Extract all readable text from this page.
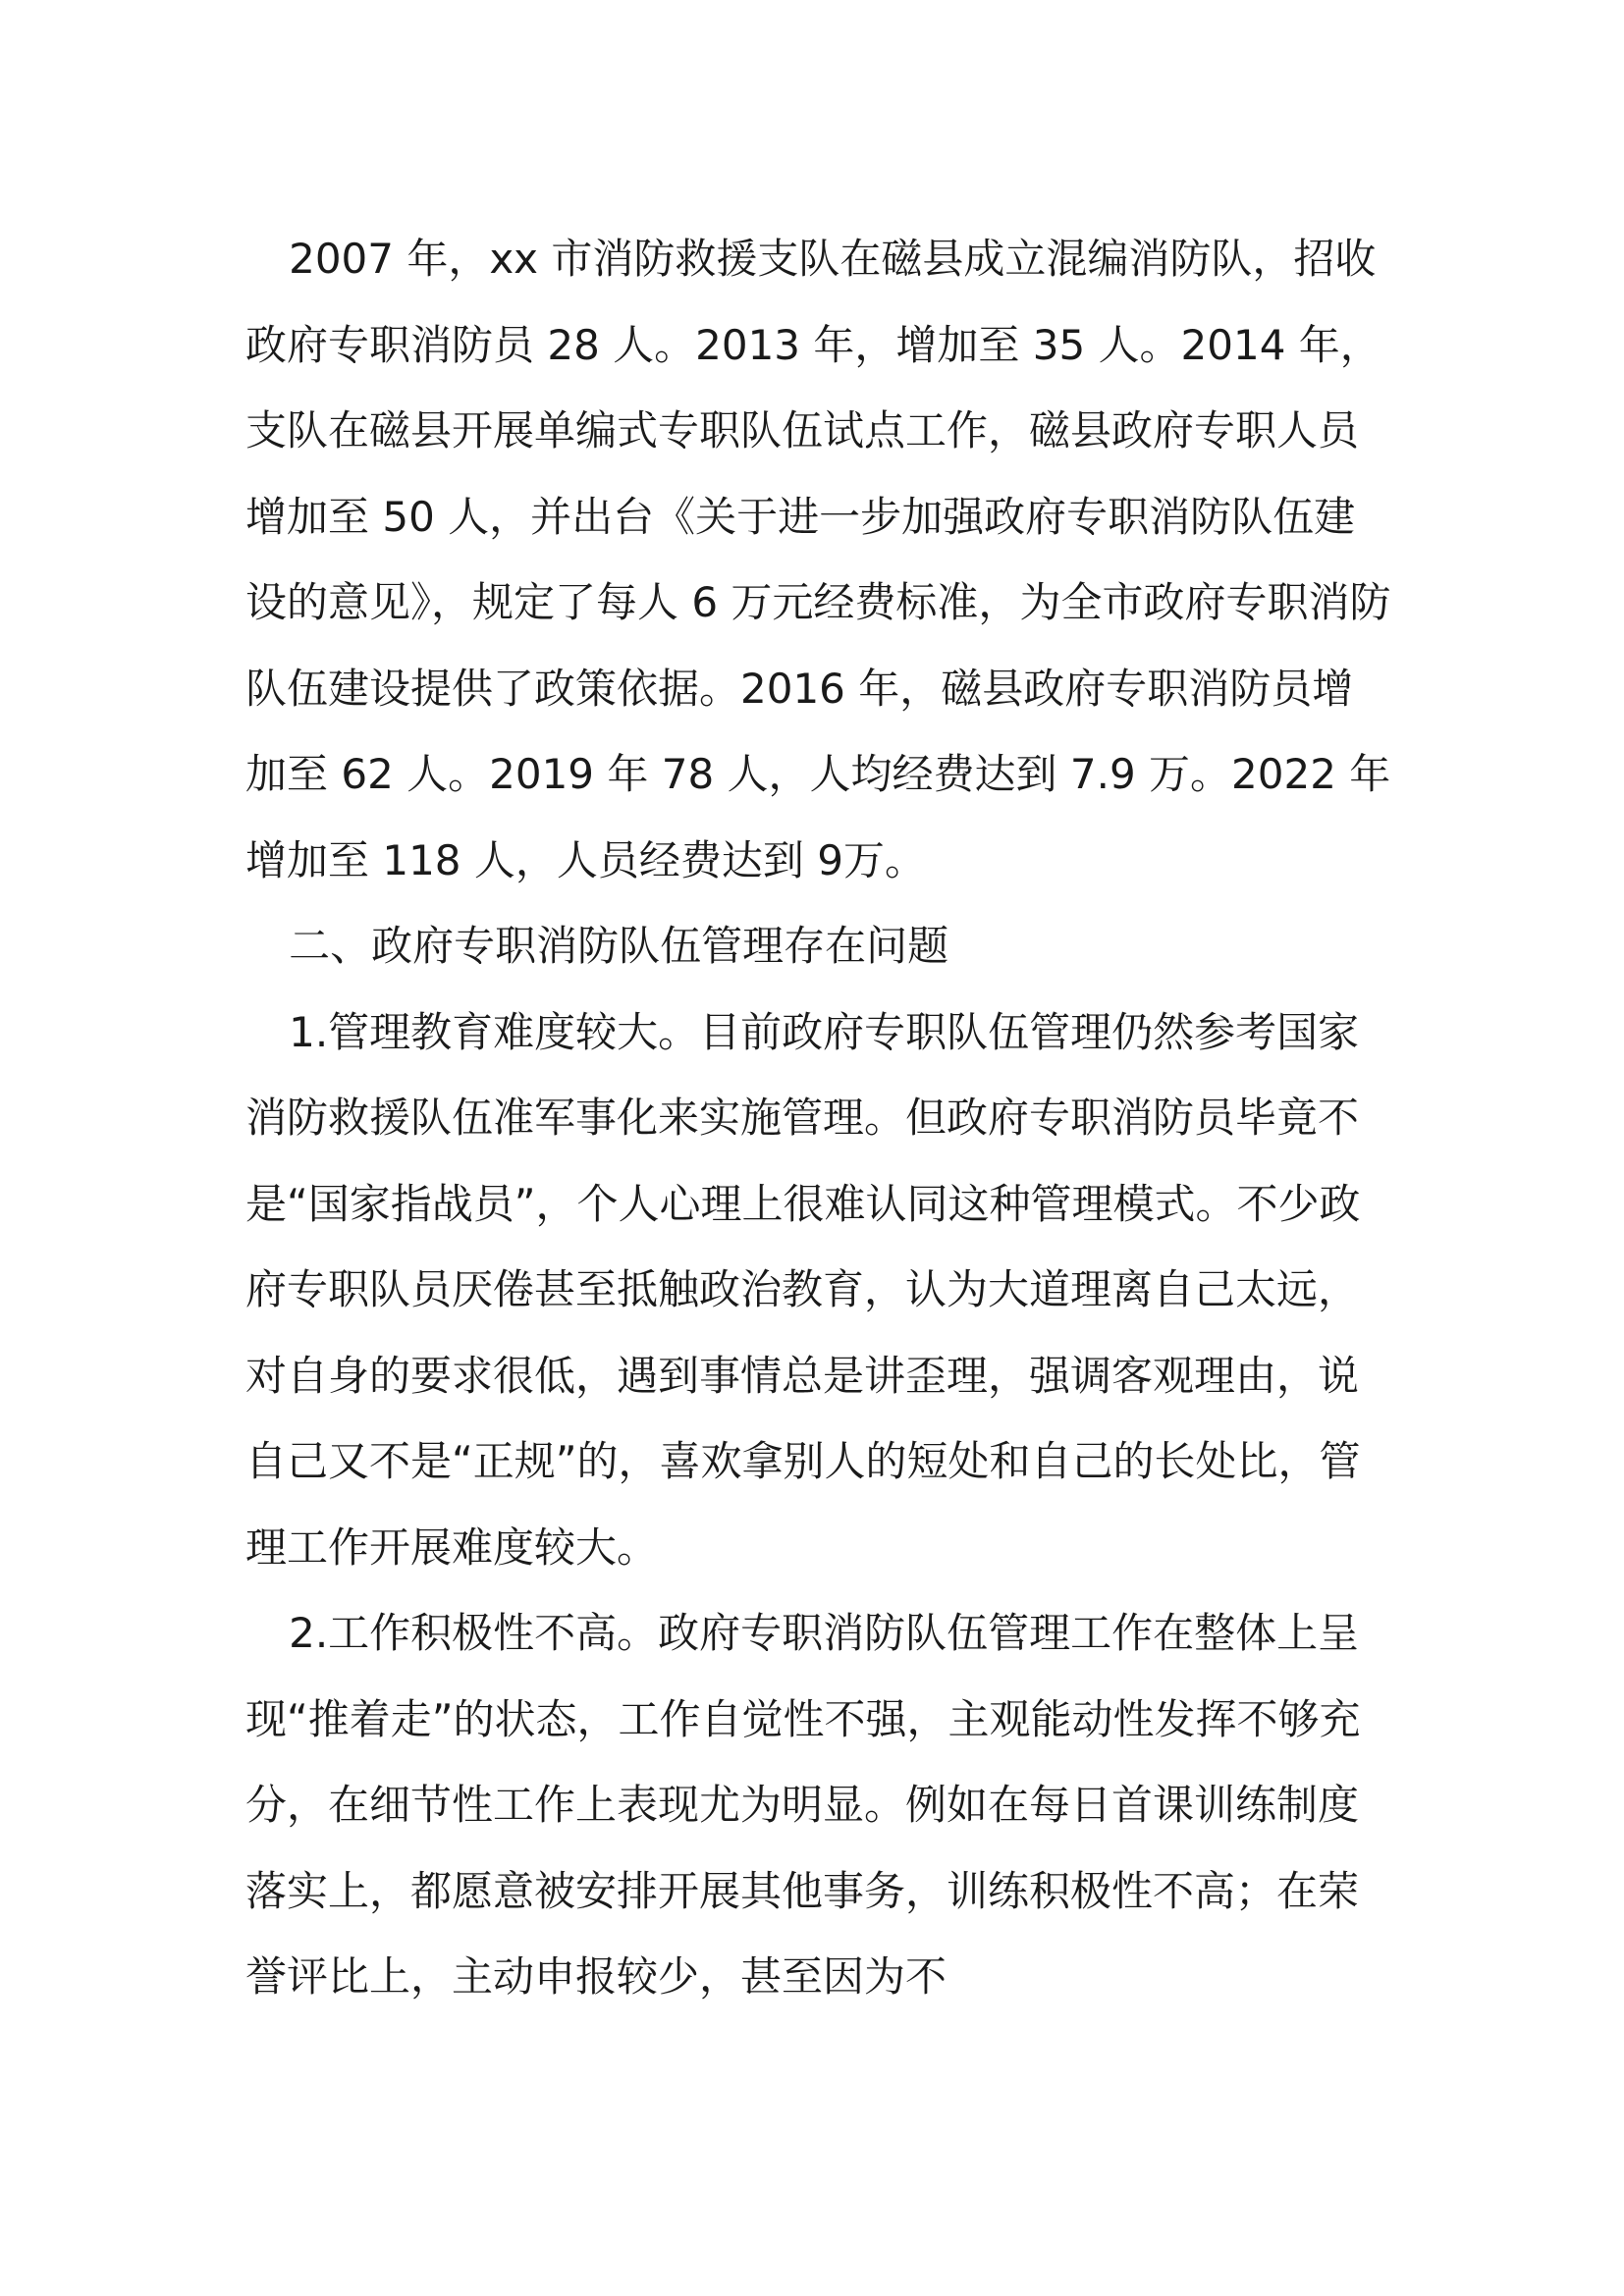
2007 年，xx 市消防救援支队在磁县成立混编消防队，招收政府专职消防员 28 人。2013 年，增加至 35 人。2014 年，支队在磁县开展单编式专职队伍试点工作，磁县政府专职人员增加至 50 人，并出台《关于进一步加强政府专职消防队伍建设的意见》，规定了每人 6 万元经费标准，为全市政府专职消防队伍建设提供了政策依据。2016 年，磁县政府专职消防员增加至 62 人。2019 年 78 人，人均经费达到 7.9 万。2022 年增加至 118 人，人员经费达到 9万。

二、政府专职消防队伍管理存在问题

1.管理教育难度较大。目前政府专职队伍管理仍然参考国家消防救援队伍准军事化来实施管理。但政府专职消防员毕竟不是“国家指战员”，个人心理上很难认同这种管理模式。不少政府专职队员厌倦甚至抵触政治教育，认为大道理离自己太远，对自身的要求很低，遇到事情总是讲歪理，强调客观理由，说自己又不是“正规”的，喜欢拿别人的短处和自己的长处比，管理工作开展难度较大。

2.工作积极性不高。政府专职消防队伍管理工作在整体上呈现“推着走”的状态，工作自觉性不强，主观能动性发挥不够充分，在细节性工作上表现尤为明显。例如在每日首课训练制度落实上，都愿意被安排开展其他事务，训练积极性不高；在荣誉评比上，主动申报较少，甚至因为不
